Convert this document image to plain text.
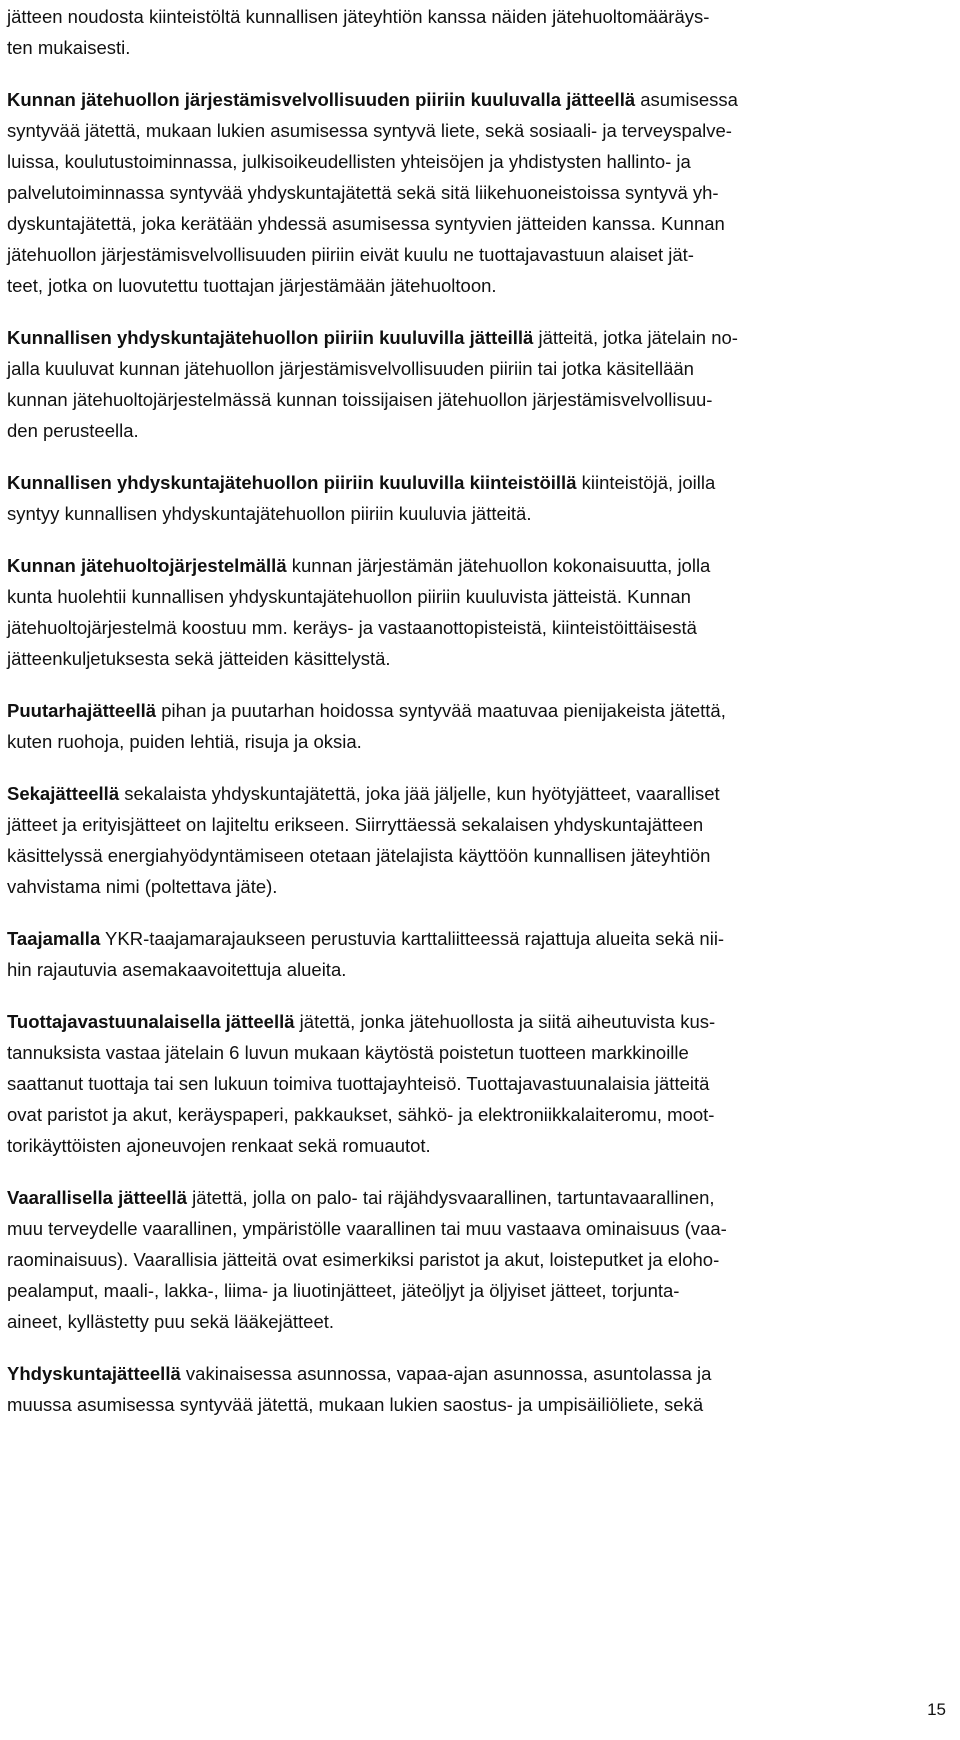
jätteen noudosta kiinteistöltä kunnallisen jäteyhtiön kanssa näiden jätehuoltomääräys-
ten mukaisesti.

Kunnan jätehuollon järjestämisvelvollisuuden piiriin kuuluvalla jätteellä asumisessa
syntyvää jätettä, mukaan lukien asumisessa syntyvä liete, sekä sosiaali- ja terveyspalve-
luissa, koulutustoiminnassa, julkisoikeudellisten yhteisöjen ja yhdistysten hallinto- ja
palvelutoiminnassa syntyvää yhdyskuntajätettä sekä sitä liikehuoneistoissa syntyvä yh-
dyskuntajätettä, joka kerätään yhdessä asumisessa syntyvien jätteiden kanssa. Kunnan
jätehuollon järjestämisvelvollisuuden piiriin eivät kuulu ne tuottajavastuun alaiset jät-
teet, jotka on luovutettu tuottajan järjestämään jätehuoltoon.

Kunnallisen yhdyskuntajätehuollon piiriin kuuluvilla jätteillä jätteitä, jotka jätelain no-
jalla kuuluvat kunnan jätehuollon järjestämisvelvollisuuden piiriin tai jotka käsitellään
kunnan jätehuoltojärjestelmässä kunnan toissijaisen jätehuollon järjestämisvelvollisuu-
den perusteella.

Kunnallisen yhdyskuntajätehuollon piiriin kuuluvilla kiinteistöillä kiinteistöjä, joilla
syntyy kunnallisen yhdyskuntajätehuollon piiriin kuuluvia jätteitä.

Kunnan jätehuoltojärjestelmällä kunnan järjestämän jätehuollon kokonaisuutta, jolla
kunta huolehtii kunnallisen yhdyskuntajätehuollon piiriin kuuluvista jätteistä. Kunnan
jätehuoltojärjestelmä koostuu mm. keräys- ja vastaanottopisteistä, kiinteistöittäisestä
jätteenkuljetuksesta sekä jätteiden käsittelystä.

Puutarhajätteellä pihan ja puutarhan hoidossa syntyvää maatuvaa pienijakeista jätettä,
kuten ruohoja, puiden lehtiä, risuja ja oksia.

Sekajätteellä sekalaista yhdyskuntajätettä, joka jää jäljelle, kun hyötyjätteet, vaaralliset
jätteet ja erityisjätteet on lajiteltu erikseen. Siirryttäessä sekalaisen yhdyskuntajätteen
käsittelyssä energiahyödyntämiseen otetaan jätelajista käyttöön kunnallisen jäteyhtiön
vahvistama nimi (poltettava jäte).

Taajamalla YKR-taajamarajaukseen perustuvia karttaliitteessä rajattuja alueita sekä nii-
hin rajautuvia asemakaavoitettuja alueita.

Tuottajavastuunalaisella jätteellä jätettä, jonka jätehuollosta ja siitä aiheutuvista kus-
tannuksista vastaa jätelain 6 luvun mukaan käytöstä poistetun tuotteen markkinoille
saattanut tuottaja tai sen lukuun toimiva tuottajayhteisö. Tuottajavastuunalaisia jätteitä
ovat paristot ja akut, keräyspaperi, pakkaukset, sähkö- ja elektroniikkalaiteromu, moot-
torikäyttöisten ajoneuvojen renkaat sekä romuautot.

Vaarallisella jätteellä jätettä, jolla on palo- tai räjähdysvaarallinen, tartuntavaarallinen,
muu terveydelle vaarallinen, ympäristölle vaarallinen tai muu vastaava ominaisuus (vaa-
raominaisuus). Vaarallisia jätteitä ovat esimerkiksi paristot ja akut, loisteputket ja eloho-
pealamput, maali-, lakka-, liima- ja liuotinjätteet, jäteöljyt ja öljyiset jätteet, torjunta-
aineet, kyllästetty puu sekä lääkejätteet.

Yhdyskuntajätteellä vakinaisessa asunnossa, vapaa-ajan asunnossa, asuntolassa ja
muussa asumisessa syntyvää jätettä, mukaan lukien saostus- ja umpisäiliöliete, sekä

15
